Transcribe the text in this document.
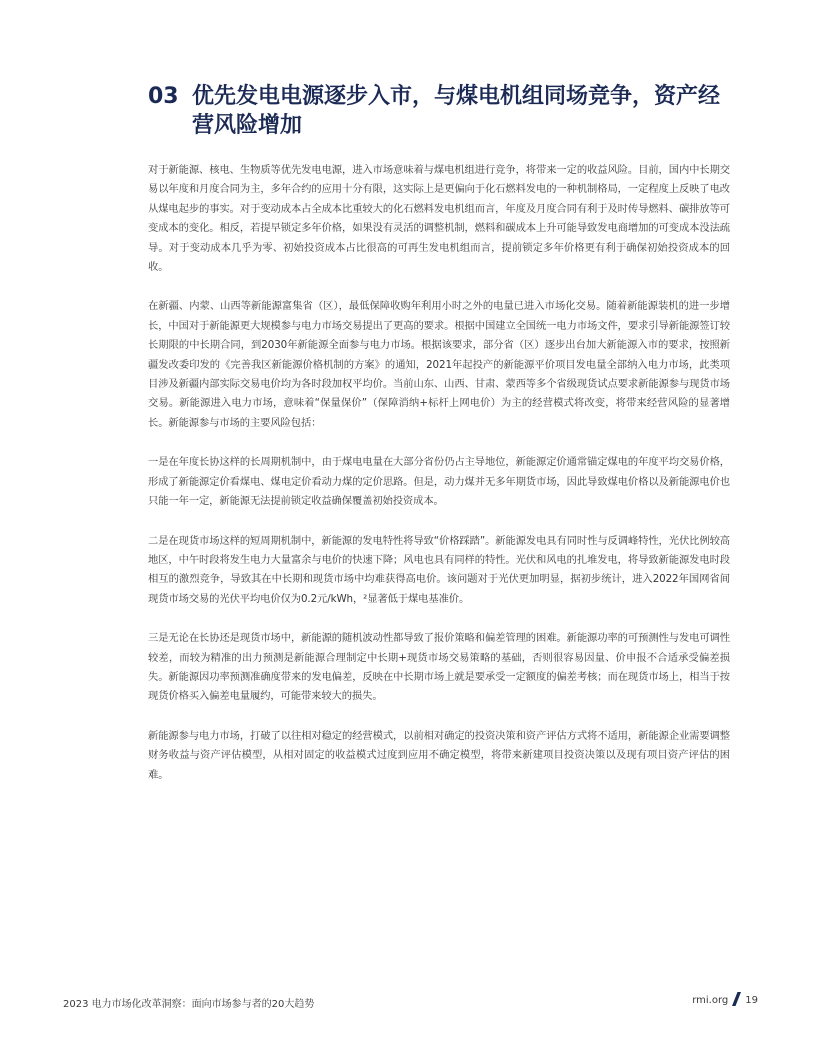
03 优先发电电源逐步入市，与煤电机组同场竞争，资产经营风险增加

对于新能源、核电、生物质等优先发电电源，进入市场意味着与煤电机组进行竞争，将带来一定的收益风险。目前，国内中长期交易以年度和月度合同为主，多年合约的应用十分有限，这实际上是更偏向于化石燃料发电的一种机制格局，一定程度上反映了电改从煤电起步的事实。对于变动成本占全成本比重较大的化石燃料发电机组而言，年度及月度合同有利于及时传导燃料、碳排放等可变成本的变化。相反，若提早锁定多年价格，如果没有灵活的调整机制，燃料和碳成本上升可能导致发电商增加的可变成本没法疏导。对于变动成本几乎为零、初始投资成本占比很高的可再生发电机组而言，提前锁定多年价格更有利于确保初始投资成本的回收。

在新疆、内蒙、山西等新能源富集省（区），最低保障收购年利用小时之外的电量已进入市场化交易。随着新能源装机的进一步增长，中国对于新能源更大规模参与电力市场交易提出了更高的要求。根据中国建立全国统一电力市场文件，要求引导新能源签订较长期限的中长期合同，到2030年新能源全面参与电力市场。根据该要求，部分省（区）逐步出台加大新能源入市的要求，按照新疆发改委印发的《完善我区新能源价格机制的方案》的通知，2021年起投产的新能源平价项目发电量全部纳入电力市场，此类项目涉及新疆内部实际交易电价均为各时段加权平均价。当前山东、山西、甘肃、蒙西等多个省级现货试点要求新能源参与现货市场交易。新能源进入电力市场，意味着“保量保价”（保障消纳+标杆上网电价）为主的经营模式将改变，将带来经营风险的显著增长。新能源参与市场的主要风险包括：

一是在年度长协这样的长周期机制中，由于煤电电量在大部分省份仍占主导地位，新能源定价通常锚定煤电的年度平均交易价格，形成了新能源定价看煤电、煤电定价看动力煤的定价思路。但是，动力煤并无多年期货市场，因此导致煤电价格以及新能源电价也只能一年一定，新能源无法提前锁定收益确保覆盖初始投资成本。

二是在现货市场这样的短周期机制中，新能源的发电特性将导致“价格踩踏”。新能源发电具有同时性与反调峰特性，光伏比例较高地区，中午时段将发生电力大量富余与电价的快速下降；风电也具有同样的特性。光伏和风电的扎堆发电，将导致新能源发电时段相互的激烈竞争，导致其在中长期和现货市场中均难获得高电价。该问题对于光伏更加明显，据初步统计，进入2022年国网省间现货市场交易的光伏平均电价仅为0.2元/kWh，²显著低于煤电基准价。

三是无论在长协还是现货市场中，新能源的随机波动性都导致了报价策略和偏差管理的困难。新能源功率的可预测性与发电可调性较差，而较为精准的出力预测是新能源合理制定中长期+现货市场交易策略的基础，否则很容易因量、价申报不合适承受偏差损失。新能源因功率预测准确度带来的发电偏差，反映在中长期市场上就是要承受一定额度的偏差考核；而在现货市场上，相当于按现货价格买入偏差电量履约，可能带来较大的损失。

新能源参与电力市场，打破了以往相对稳定的经营模式，以前相对确定的投资决策和资产评估方式将不适用，新能源企业需要调整财务收益与资产评估模型，从相对固定的收益模式过度到应用不确定模型，将带来新建项目投资决策以及现有项目资产评估的困难。

2023 电力市场化改革洞察：面向市场参与者的20大趋势	rmi.org 19
